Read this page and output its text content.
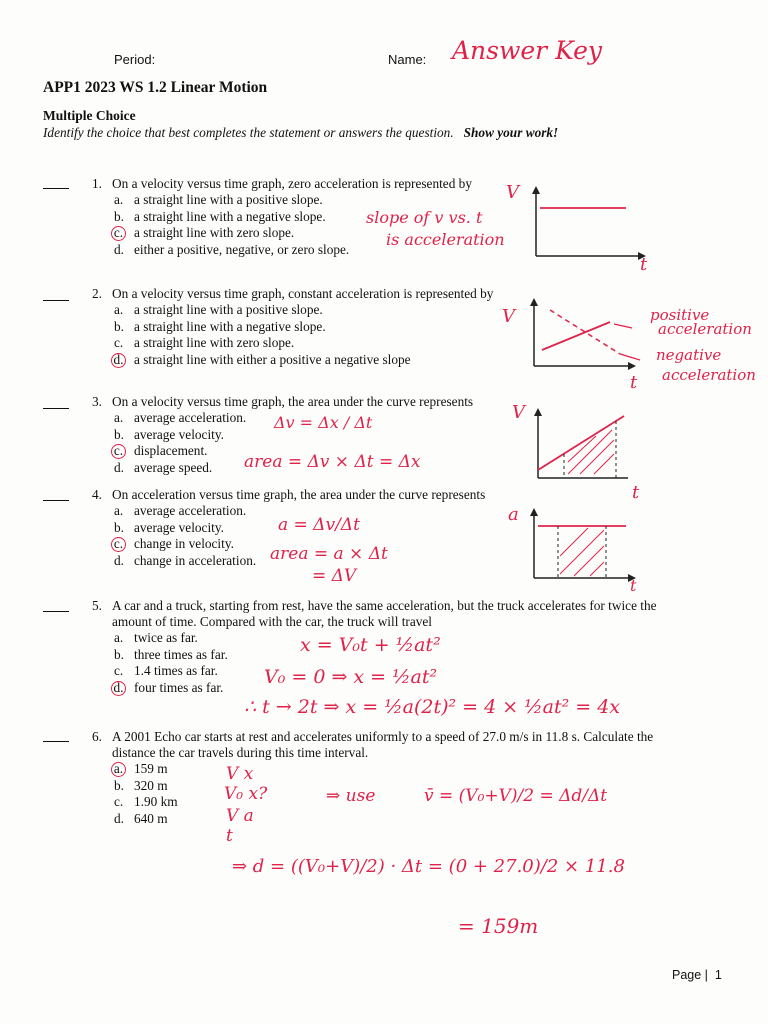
Period:	Name: Answer Key
APP1 2023 WS 1.2 Linear Motion
Multiple Choice
Identify the choice that best completes the statement or answers the question. Show your work!
1. On a velocity versus time graph, zero acceleration is represented by
a. a straight line with a positive slope.
b. a straight line with a negative slope.
c. a straight line with zero slope.
d. either a positive, negative, or zero slope.
slope of v vs. t
is acceleration
V
t
2. On a velocity versus time graph, constant acceleration is represented by
a. a straight line with a positive slope.
b. a straight line with a negative slope.
c. a straight line with zero slope.
d. a straight line with either a positive a negative slope
V
t
positive
acceleration
negative
acceleration
3. On a velocity versus time graph, the area under the curve represents
a. average acceleration.
b. average velocity.
c. displacement.
d. average speed.
Δv = Δx / Δt
area = Δv × Δt = Δx
V
t
4. On acceleration versus time graph, the area under the curve represents
a. average acceleration.
b. average velocity.
c. change in velocity.
d. change in acceleration.
a = Δv/Δt
area = a × Δt
= ΔV
a
t
5. A car and a truck, starting from rest, have the same acceleration, but the truck accelerates for twice the
amount of time. Compared with the car, the truck will travel
a. twice as far.
b. three times as far.
c. 1.4 times as far.
d. four times as far.
x = V₀t + ½at²
V₀ = 0 ⇒ x = ½at²
∴ t → 2t ⇒ x = ½a(2t)² = 4 × ½at² = 4x
6. A 2001 Echo car starts at rest and accelerates uniformly to a speed of 27.0 m/s in 11.8 s. Calculate the
distance the car travels during this time interval.
a. 159 m
b. 320 m
c. 1.90 km
d. 640 m
V x
V₀ x?
V a
t
⇒ use	v̄ = (V₀+V)/2 = Δd/Δt
⇒ d = ((V₀+V)/2) · Δt = (0 + 27.0)/2 × 11.8
= 159m
Page |  1
